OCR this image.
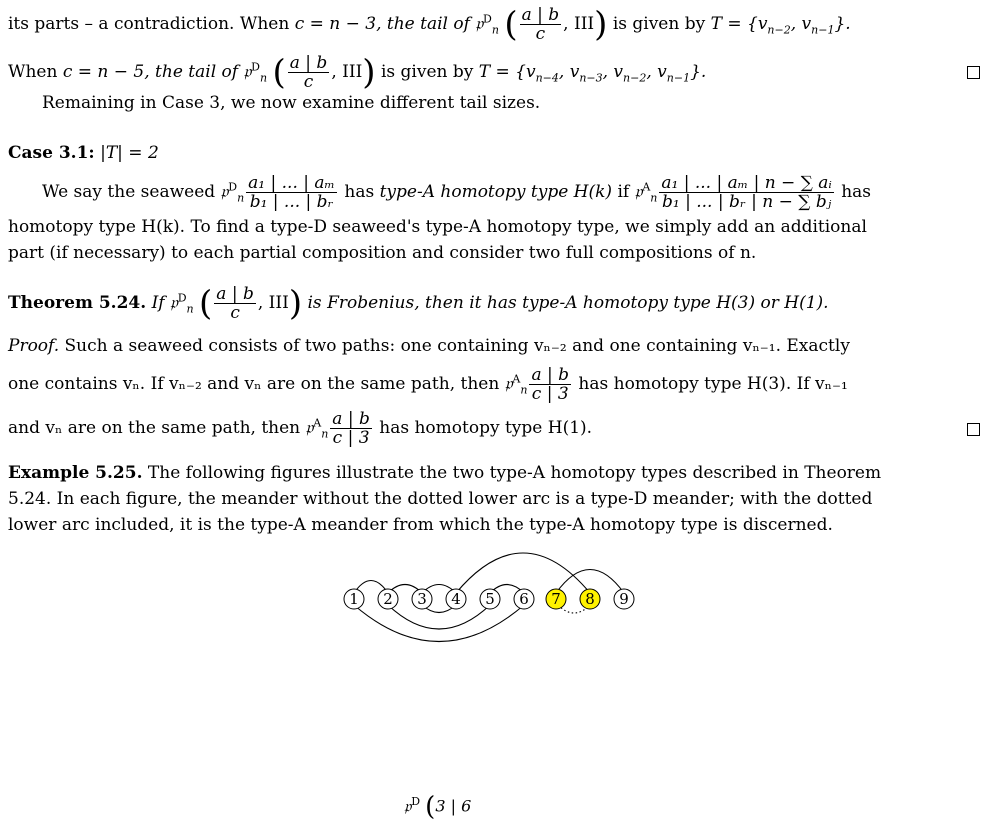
its parts – a contradiction. When c = n − 3, the tail of 𝔭$^D_n$ ( $\frac{a | b}{c}$ , III) is given by $T = \{v_{n-2}$, $v_{n-1}$}.
When c = n − 5, the tail of 𝔭$^D_n$ ( $\frac{a | b}{c}$ , III) is given by $T = \{v_{n-4}$, $v_{n-3}$, $v_{n-2}$, $v_{n-1}$}.
Remaining in Case 3, we now examine different tail sizes.
Case 3.1: |T| = 2
We say the seaweed 𝔭$^D_n$ $\frac{\text{a₁ | ... | aₘ}}{\text{b₁ | ... | bᵣ}}$ has type-A homotopy type H(k) if 𝔭$^A_n$ $\frac{\text{a₁ | ... | aₘ | n − ∑ aᵢ}}{\text{b₁ | ... | bᵣ | n − ∑ bⱼ}}$ has
homotopy type H(k). To find a type-D seaweed's type-A homotopy type, we simply add an additional
part (if necessary) to each partial composition and consider two full compositions of n.
Theorem 5.24. If 𝔭$^D_n$ ( $\frac{a | b}{c}$ , III) is Frobenius, then it has type-A homotopy type H(3) or H(1).
Proof. Such a seaweed consists of two paths: one containing vₙ₋₂ and one containing vₙ₋₁. Exactly
one contains vₙ. If vₙ₋₂ and vₙ are on the same path, then 𝔭$^A_n$ $\frac{a | b}{c | 3}$ has homotopy type H(3). If vₙ₋₁
and vₙ are on the same path, then 𝔭$^A_n$ $\frac{a | b}{c | 3}$ has homotopy type H(1).
Example 5.25. The following figures illustrate the two type-A homotopy types described in Theorem
5.24. In each figure, the meander without the dotted lower arc is a type-D meander; with the dotted
lower arc included, it is the type-A meander from which the type-A homotopy type is discerned.
1 2 3 4 5 6 7 8 9
𝔭$^D$ (3 | 6
